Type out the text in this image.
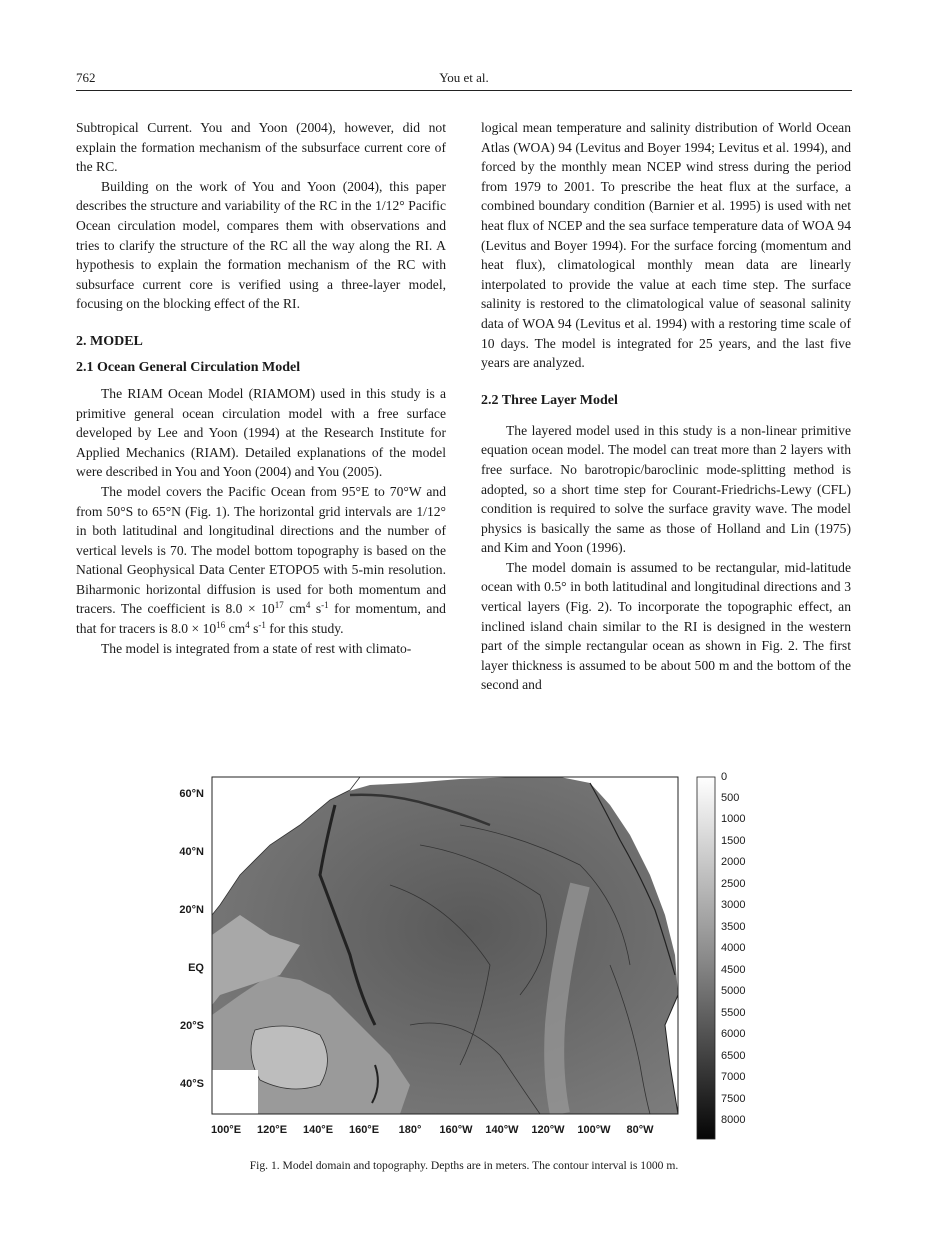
762	You et al.

Subtropical Current. You and Yoon (2004), however, did not explain the formation mechanism of the subsurface current core of the RC.

Building on the work of You and Yoon (2004), this paper describes the structure and variability of the RC in the 1/12° Pacific Ocean circulation model, compares them with observations and tries to clarify the structure of the RC all the way along the RI. A hypothesis to explain the formation mechanism of the RC with subsurface current core is verified using a three-layer model, focusing on the blocking effect of the RI.

2. MODEL
2.1 Ocean General Circulation Model

The RIAM Ocean Model (RIAMOM) used in this study is a primitive general ocean circulation model with a free surface developed by Lee and Yoon (1994) at the Research Institute for Applied Mechanics (RIAM). Detailed explanations of the model were described in You and Yoon (2004) and You (2005).

The model covers the Pacific Ocean from 95°E to 70°W and from 50°S to 65°N (Fig. 1). The horizontal grid intervals are 1/12° in both latitudinal and longitudinal directions and the number of vertical levels is 70. The model bottom topography is based on the National Geophysical Data Center ETOPO5 with 5-min resolution. Biharmonic horizontal diffusion is used for both momentum and tracers. The coefficient is $8.0 \times 10^{17}$ $cm^4$ $s^{-1}$ for momentum, and that for tracers is $8.0 \times 10^{16}$ $cm^4$ $s^{-1}$ for this study.

The model is integrated from a state of rest with climato-

logical mean temperature and salinity distribution of World Ocean Atlas (WOA) 94 (Levitus and Boyer 1994; Levitus et al. 1994), and forced by the monthly mean NCEP wind stress during the period from 1979 to 2001. To prescribe the heat flux at the surface, a combined boundary condition (Barnier et al. 1995) is used with net heat flux of NCEP and the sea surface temperature data of WOA 94 (Levitus and Boyer 1994). For the surface forcing (momentum and heat flux), climatological monthly mean data are linearly interpolated to provide the value at each time step. The surface salinity is restored to the climatological value of seasonal salinity data of WOA 94 (Levitus et al. 1994) with a restoring time scale of 10 days. The model is integrated for 25 years, and the last five years are analyzed.

2.2 Three Layer Model

The layered model used in this study is a non-linear primitive equation ocean model. The model can treat more than 2 layers with free surface. No barotropic/baroclinic mode-splitting method is adopted, so a short time step for Courant-Friedrichs-Lewy (CFL) condition is required to solve the surface gravity wave. The model physics is basically the same as those of Holland and Lin (1975) and Kim and Yoon (1996).

The model domain is assumed to be rectangular, mid-latitude ocean with 0.5° in both latitudinal and longitudinal directions and 3 vertical layers (Fig. 2). To incorporate the topographic effect, an inclined island chain similar to the RI is designed in the western part of the simple rectangular ocean as shown in Fig. 2. The first layer thickness is assumed to be about 500 m and the bottom of the second and

60°N
40°N
20°N
EQ
20°S
40°S
100°E 120°E 140°E 160°E 180° 160°W 140°W 120°W 100°W 80°W
0
500
1000
1500
2000
2500
3000
3500
4000
4500
5000
5500
6000
6500
7000
7500
8000
Fig. 1. Model domain and topography. Depths are in meters. The contour interval is 1000 m.
